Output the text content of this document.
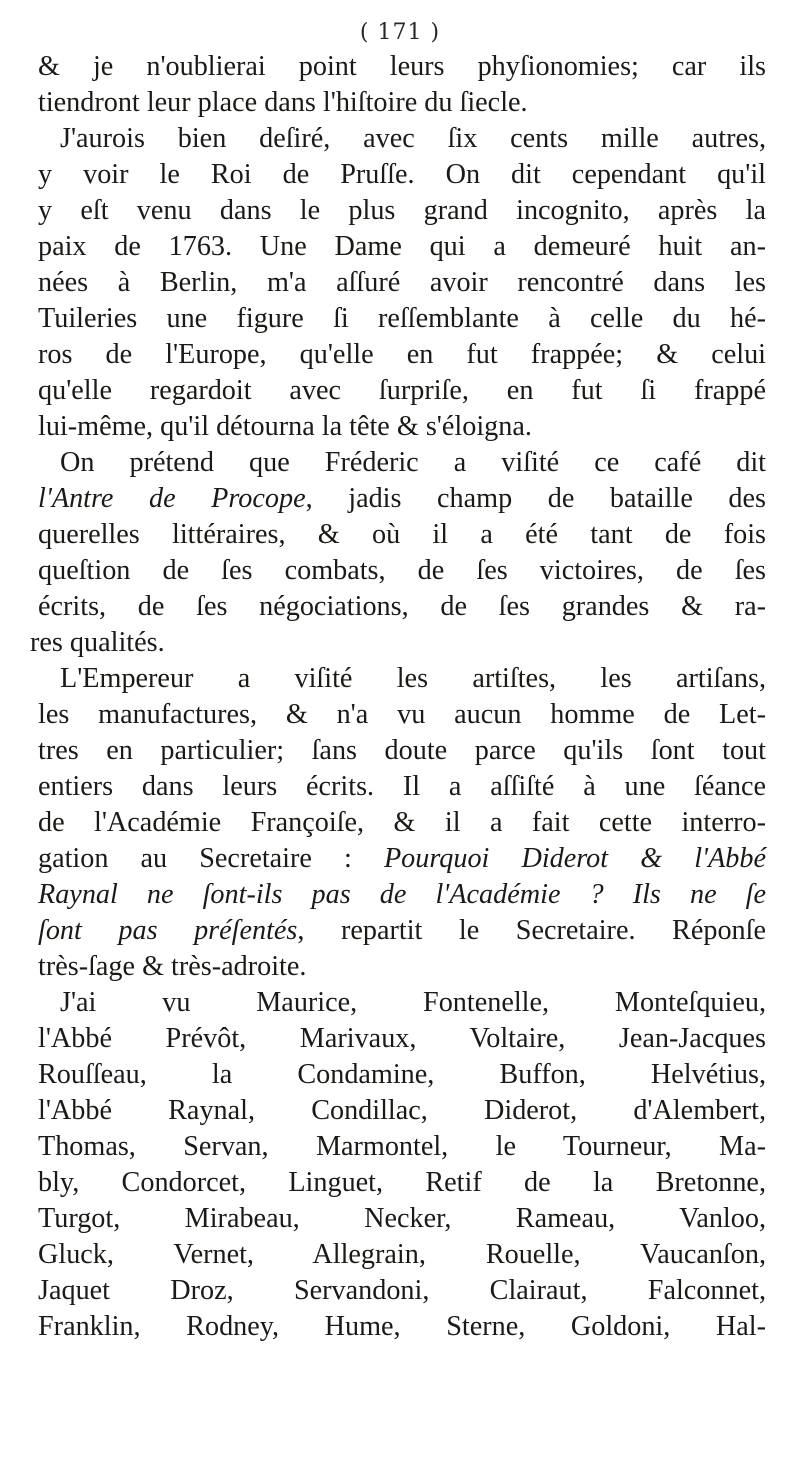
( 171 )
& je n'oublierai point leurs phyſionomies; car ils
tiendront leur place dans l'hiſtoire du ſiecle.
J'aurois bien deſiré, avec ſix cents mille autres,
y voir le Roi de Pruſſe. On dit cependant qu'il
y eſt venu dans le plus grand incognito, après la
paix de 1763. Une Dame qui a demeuré huit an-
nées à Berlin, m'a aſſuré avoir rencontré dans les
Tuileries une figure ſi reſſemblante à celle du hé-
ros de l'Europe, qu'elle en fut frappée; & celui
qu'elle regardoit avec ſurpriſe, en fut ſi frappé
lui-même, qu'il détourna la tête & s'éloigna.
On prétend que Fréderic a viſité ce café dit
l'Antre de Procope, jadis champ de bataille des
querelles littéraires, & où il a été tant de fois
queſtion de ſes combats, de ſes victoires, de ſes
écrits, de ſes négociations, de ſes grandes & ra-
res qualités.
L'Empereur a viſité les artiſtes, les artiſans,
les manufactures, & n'a vu aucun homme de Let-
tres en particulier; ſans doute parce qu'ils ſont tout
entiers dans leurs écrits. Il a aſſiſté à une ſéance
de l'Académie Françoiſe, & il a fait cette interro-
gation au Secretaire : Pourquoi Diderot & l'Abbé
Raynal ne ſont-ils pas de l'Académie ? Ils ne ſe
ſont pas préſentés, repartit le Secretaire. Réponſe
très-ſage & très-adroite.
J'ai vu Maurice, Fontenelle, Monteſquieu,
l'Abbé Prévôt, Marivaux, Voltaire, Jean-Jacques
Rouſſeau, la Condamine, Buffon, Helvétius,
l'Abbé Raynal, Condillac, Diderot, d'Alembert,
Thomas, Servan, Marmontel, le Tourneur, Ma-
bly, Condorcet, Linguet, Retif de la Bretonne,
Turgot, Mirabeau, Necker, Rameau, Vanloo,
Gluck, Vernet, Allegrain, Rouelle, Vaucanſon,
Jaquet Droz, Servandoni, Clairaut, Falconnet,
Franklin, Rodney, Hume, Sterne, Goldoni, Hal-
